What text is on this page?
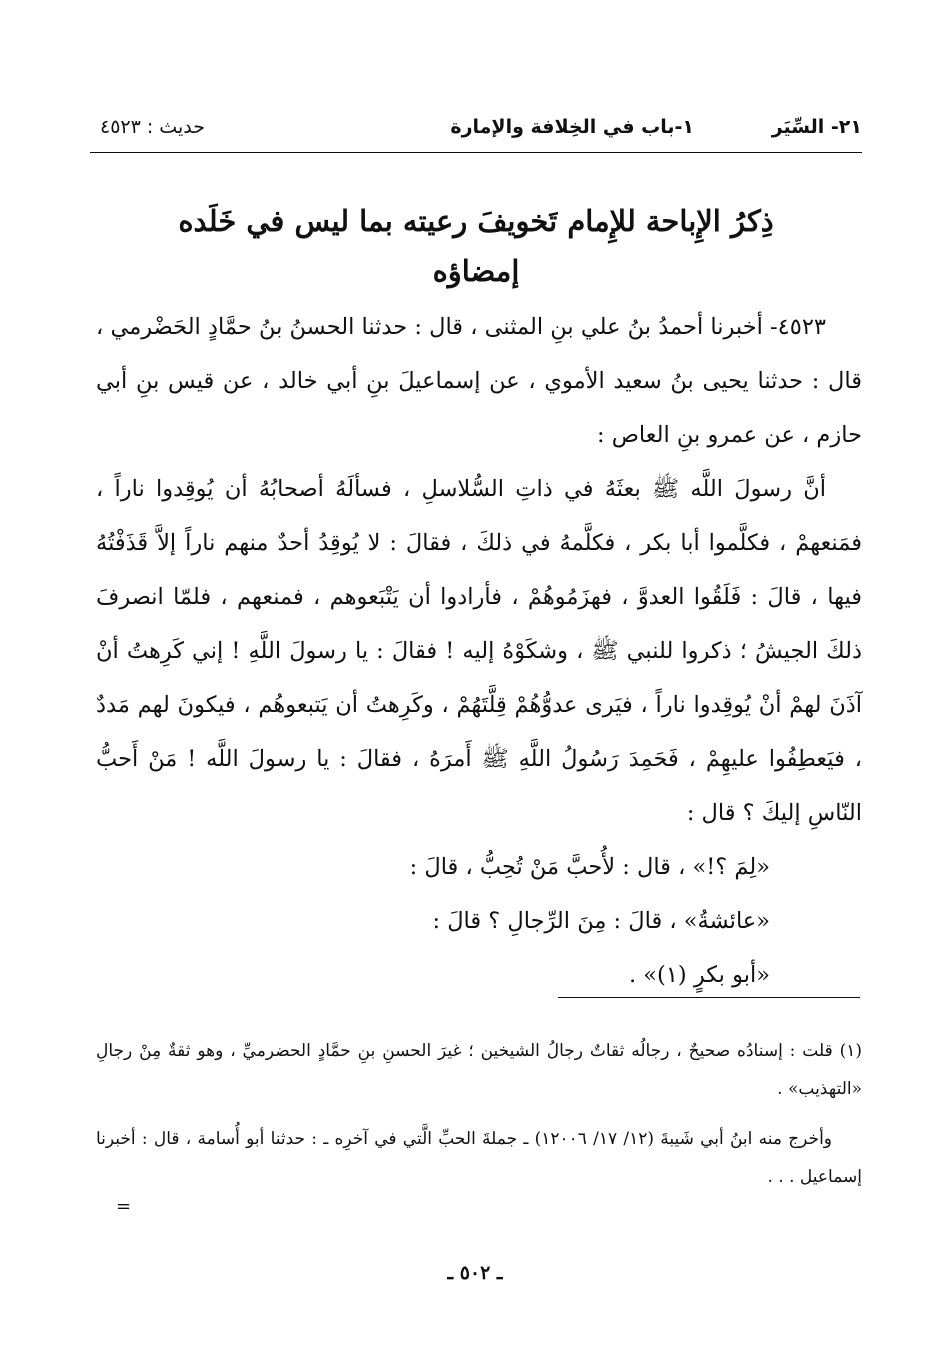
٢١- السِّيَر
١-باب في الخِلافة والإمارة
حديث : ٤٥٢٣
ذِكرُ الإِباحة للإِمام تَخويفَ رعيته بما ليس في خَلَده
إمضاؤه

٤٥٢٣- أخبرنا أحمدُ بنُ علي بنِ المثنى ، قال : حدثنا الحسنُ بنُ حمَّادٍ الحَضْرمي ، قال : حدثنا يحيى بنُ سعيد الأموي ، عن إسماعيلَ بنِ أبي خالد ، عن قيس بنِ أبي حازم ، عن عمرو بنِ العاص :

أنَّ رسولَ اللَّه ﷺ بعثَهُ في ذاتِ السُّلاسلِ ، فسألَهُ أصحابُهُ أن يُوقِدوا ناراً ، فمَنعهمْ ، فكلَّموا أبا بكر ، فكلَّمهُ في ذلكَ ، فقالَ : لا يُوقِدُ أحدٌ منهم ناراً إلاَّ قَذَفْتُهُ فيها ، قالَ : فَلَقُوا العدوَّ ، فهزَمُوهُمْ ، فأرادوا أن يَتْبَعوهم ، فمنعهم ، فلمّا انصرفَ ذلكَ الجيشُ ؛ ذكروا للنبي ﷺ ، وشكَوْهُ إليه ! فقالَ : يا رسولَ اللَّهِ ! إني كَرِهتُ أنْ آذَنَ لهمْ أنْ يُوقِدوا ناراً ، فيَرى عدوُّهُمْ قِلَّتَهُمْ ، وكَرِهتُ أن يَتبعوهُم ، فيكونَ لهم مَددٌ ، فيَعطِفُوا عليهِمْ ، فَحَمِدَ رَسُولُ اللَّهِ ﷺ أَمرَهُ ، فقالَ : يا رسولَ اللَّه ! مَنْ أَحبُّ النّاسِ إليكَ ؟ قال :

«لِمَ ؟!» ، قال : لأُحبَّ مَنْ تُحِبُّ ، قالَ :

«عائشةُ» ، قالَ : مِنَ الرِّجالِ ؟ قالَ :

«أبو بكرٍ (١)» .

(١) قلت : إسنادُه صحيحٌ ، رجالُه ثقاتٌ رجالُ الشيخين ؛ غيرَ الحسنِ بنِ حمَّادٍ الحضرميِّ ، وهو ثقةٌ مِنْ رجالِ «التهذيب» .

وأخرج منه ابنُ أبي شَيبةَ (١٢/ ١٧/ ١٢٠٠٦) ـ جملةَ الحبِّ الَّتي في آخرِه ـ : حدثنا أبو أُسامة ، قال : أخبرنا إسماعيل . . .

=
ـ ٥٠٢ ـ
